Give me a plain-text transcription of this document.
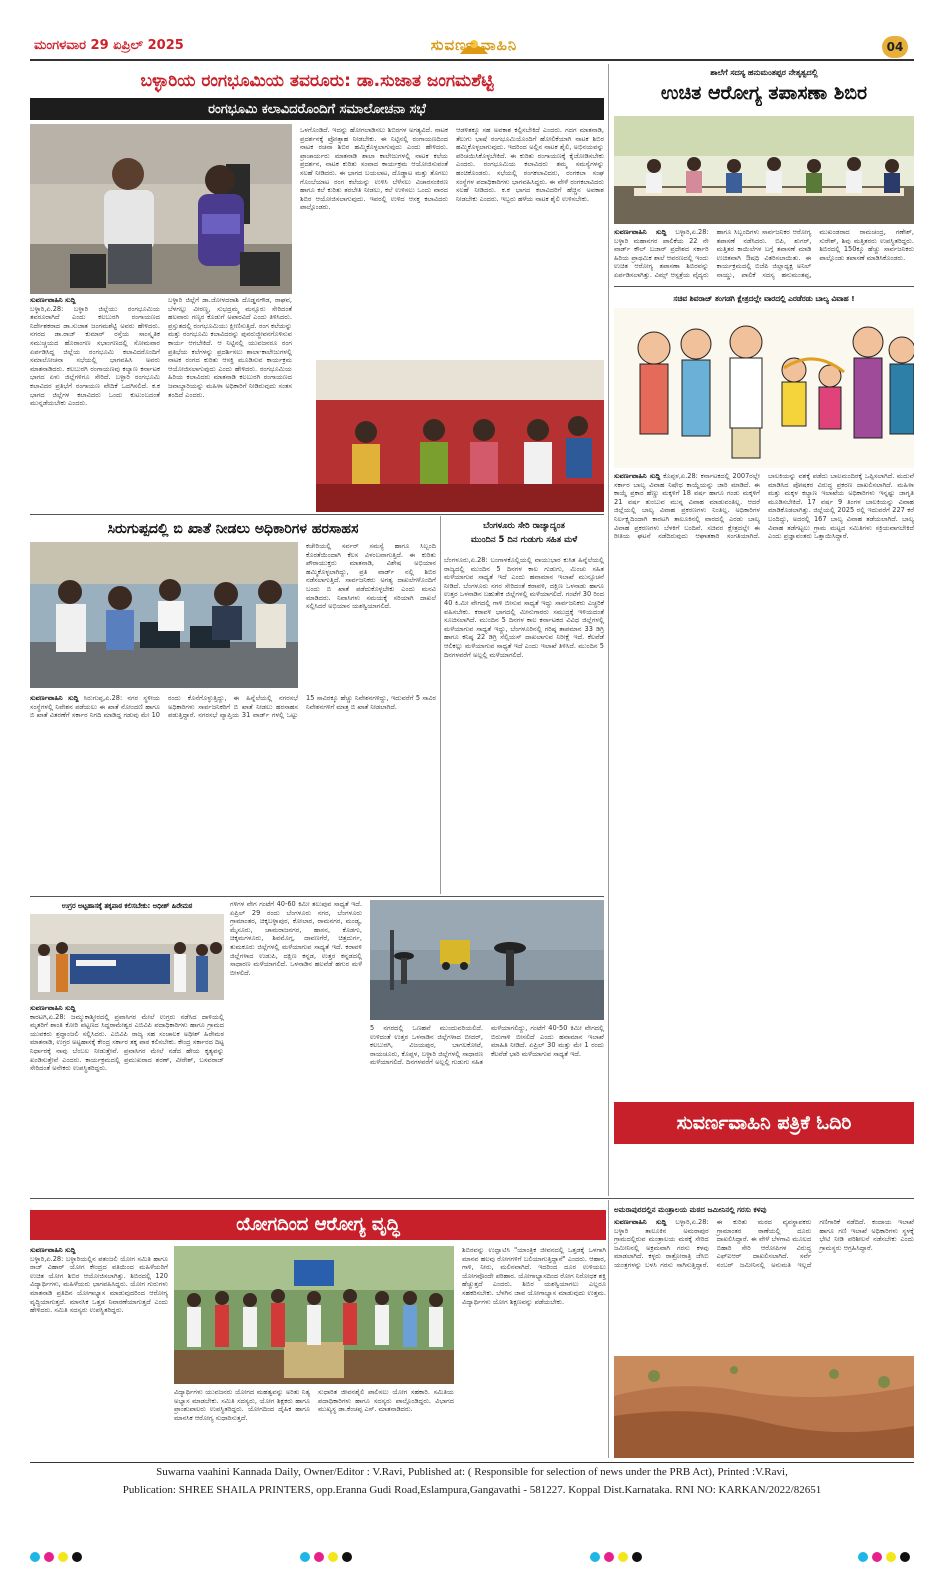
ಮಂಗಳವಾರ 29 ಏಪ್ರಿಲ್ 2025	ಸುವರ್ಣ ವಾಹಿನಿ	04
ಬಳ್ಳಾರಿಯ ರಂಗಭೂಮಿಯ ತವರೂರು: ಡಾ.ಸುಜಾತ ಜಂಗಮಶೆಟ್ಟಿ
ರಂಗಭೂಮಿ ಕಲಾವಿದರೊಂದಿಗೆ ಸಮಾಲೋಚನಾ ಸಭೆ
ಸುವರ್ಣವಾಹಿನಿ ಸುದ್ದಿ
ಬಳ್ಳಾರಿ,ಏ.28: ಬಳ್ಳಾರಿ ಜಿಲ್ಲೆಯು ರಂಗಭೂಮಿಯ ತವರೂರಾಗಿದೆ ಎಂದು ಕಲಬುರಗಿ ರಂಗಾಯಣದ ನಿರ್ದೇಶಕರಾದ ಡಾ.ಸುಜಾತ ಜಂಗಮಶೆಟ್ಟಿ ಅವರು ಹೇಳಿದರು. ನಗರದ ಡಾ.ರಾಜ್ ಕುಮಾರ್ ರಸ್ತೆಯ ಸಾಂಸ್ಕೃತಿಕ ಸಮುಚ್ಚಯದ ಹೊರಾಂಗಣ ಸಭಾಂಗಣದಲ್ಲಿ ಸೋಮವಾರ ಏರ್ಪಡಿಸಿದ್ದ ಜಿಲ್ಲೆಯ ರಂಗಭೂಮಿ ಕಲಾವಿದರೊಂದಿಗೆ ಸಮಾಲೋಚನಾ ಸಭೆಯಲ್ಲಿ ಭಾಗವಹಿಸಿ ಅವರು ಮಾತನಾಡಿದರು. ಕಲಬುರಗಿ ರಂಗಾಯಣವು ಕಲ್ಯಾಣ ಕರ್ನಾಟಕ ಭಾಗದ ಏಳು ಜಿಲ್ಲೆಗಳಿಗೂ ಸೇರಿದೆ. ಬಳ್ಳಾರಿ ರಂಗಭೂಮಿ ಕಲಾವಿದರ ಪ್ರತಿಭೆಗೆ ರಂಗಾಯಣ ವೇದಿಕೆ ಒದಗಿಸಲಿದೆ. ಕ.ಕ ಭಾಗದ ಜಿಲ್ಲೆಗಳ ಕಲಾವಿದರು ಒಂದು ಕುಟುಂಬದಂತೆ ಮುನ್ನಡೆಯಬೇಕು ಎಂದರು.
ಬಳ್ಳಾರಿ ಜಿಲ್ಲೆಗೆ ಡಾ.ಜೋಳದರಾಶಿ ದೊಡ್ಡನಗೌಡ, ರಾಘವ, ಬೆಳಗಲ್ಲು ವೀರಣ್ಣ, ಸುಭದ್ರಮ್ಮ ಮನ್ಸೂರು ಸೇರಿದಂತೆ ಹಲವಾರು ಗಣ್ಯರ ಕೊಡುಗೆ ಅಪಾರವಿದೆ ಎಂದು ತಿಳಿಸಿದರು. ಪ್ರಸ್ತುತದಲ್ಲಿ ರಂಗಭೂಮಿಯು ಕ್ಷೀಣಿಸುತ್ತಿದೆ. ರಂಗ ಕಲೆಯನ್ನು ಮತ್ತು ರಂಗಭೂಮಿ ಕಲಾವಿದರನ್ನು ಪುನರುಜ್ಜೀವನಗೊಳಿಸುವ ಕಾರ್ಯ ಆಗಬೇಕಿದೆ. ಆ ನಿಟ್ಟಿನಲ್ಲಿ ಯುವಜನರೂ ರಂಗ ಪ್ರತಿಭೆಯ ಕಲೆಗಳನ್ನು ಪ್ರದರ್ಶಿಸಲು ಶಾಲಾ-ಕಾಲೇಜುಗಳಲ್ಲಿ ನಾಟಕ ರಂಗದ ಕುರಿತು ಆಸಕ್ತಿ ಮೂಡಿಸುವ ಕಾರ್ಯಕ್ರಮ ಆಯೋಜಿಸಲಾಗುವುದು ಎಂದು ಹೇಳಿದರು. ರಂಗಭೂಮಿಯ ಹಿರಿಯ ಕಲಾವಿದರು ಮಾತನಾಡಿ ಕಲಬುರಗಿ ರಂಗಾಯಣದ ಜವಾಬ್ದಾರಿಯನ್ನು ಮಹಿಳಾ ಅಧಿಕಾರಿಗೆ ನೀಡಿರುವುದು ಸಂತಸ ತಂದಿದೆ ಎಂದರು.
ಒಳಗೊಂಡಿದೆ. ಇದನ್ನು ಹೋಗಲಾಡಿಸಲು ಶಿಬಿರಗಳ ಅಗತ್ಯವಿದೆ. ನಾಟಕ ಪ್ರದರ್ಶನಕ್ಕೆ ಪ್ರೋತ್ಸಾಹ ನೀಡಬೇಕು. ಈ ನಿಟ್ಟಿನಲ್ಲಿ ರಂಗಾಯಣದಿಂದ ನಾಟಕ ರಚನಾ ಶಿಬಿರ ಹಮ್ಮಿಕೊಳ್ಳಲಾಗುವುದು ಎಂದು ಹೇಳಿದರು. ಪ್ರಾಚಾರ್ಯರು ಮಾತನಾಡಿ ಶಾಲಾ ಕಾಲೇಜುಗಳಲ್ಲಿ ನಾಟಕ ಕಲೆಯ ಪ್ರದರ್ಶನ, ನಾಟಕ ಕುರಿತು ಸಂವಾದ ಕಾರ್ಯಕ್ರಮ ಆಯೋಜಿಸುವಂತೆ ಸಲಹೆ ನೀಡಿದರು. ಈ ಭಾಗದ ಬಯಲಾಟ, ದೊಡ್ಡಾಟ ಮತ್ತು ತೊಗಲು ಗೊಂಬೆಯಾಟ ರಂಗ ಕಲೆಯನ್ನು ಉಳಿಸಿ ಬೆಳೆಸಲು ವಿಚಾರಸಂಕಿರಣ ಹಾಗೂ ಕಲೆ ಕುರಿತು ತರಬೇತಿ ನೀಡಲು, ಕಲೆ ಉಳಿಸಲು ಒಂದು ವಾರದ ಶಿಬಿರ ಆಯೋಜಿಸಲಾಗುವುದು. ಇವರಲ್ಲಿ ಉಳಿದ ಆಸಕ್ತ ಕಲಾವಿದರು ಪಾಲ್ಗೊಂಡರು.
ಆಡಳಿತಕ್ಕೂ ಸಹ ಅವಕಾಶ ಕಲ್ಪಿಸಬೇಕಿದೆ ಎಂದರು. ಗದಗ ಮಾತನಾಡಿ, ತೆಲುಗು ಭಾಷೆ ರಂಗಭೂಮಿಯೊಂದಿಗೆ ಹೋಲಿಕೆಯಾಗಿ ನಾಟಕ ಶಿಬಿರ ಹಮ್ಮಿಕೊಳ್ಳಲಾಗುವುದು. ಇದರಿಂದ ಅಲ್ಲಿನ ನಾಟಕ ಶೈಲಿ, ಅಭಿನಯವನ್ನು ಪರಿಚಯಿಸಿಕೊಳ್ಳಬೇಕಿದೆ. ಈ ಕುರಿತು ರಂಗಾಯಣಕ್ಕೆ ಕೈಜೋಡಿಸಬೇಕು ಎಂದರು. ರಂಗಭೂಮಿಯ ಕಲಾವಿದರು ತಮ್ಮ ಸಮಸ್ಯೆಗಳನ್ನು ಹಂಚಿಕೊಂಡರು. ಸಭೆಯಲ್ಲಿ ರಂಗಕಲಾವಿದರು, ರಂಗಕಲಾ ಸಂಘ ಸಂಸ್ಥೆಗಳ ಪದಾಧಿಕಾರಿಗಳು ಭಾಗವಹಿಸಿದ್ದರು. ಈ ವೇಳೆ ರಂಗಕಲಾವಿದರು ಸಲಹೆ ನೀಡಿದರು. ಕ.ಕ ಭಾಗದ ಕಲಾವಿದರಿಗೆ ಹೆಚ್ಚಿನ ಅವಕಾಶ ನೀಡಬೇಕು ಎಂದರು. ಇಬ್ಬರು ಹಳೆಯ ನಾಟಕ ಶೈಲಿ ಉಳಿಸಬೇಕು.
ಶಾಲೆಗೆ ಸದಸ್ಯ ಹನುಮಂತಪ್ಪರ ನೇತೃತ್ವದಲ್ಲಿ
ಉಚಿತ ಆರೋಗ್ಯ ತಪಾಸಣಾ ಶಿಬಿರ
ಸುವರ್ಣವಾಹಿನಿ ಸುದ್ದಿ ಬಳ್ಳಾರಿ,ಏ.28: ಬಳ್ಳಾರಿ ಮಹಾನಗರ ಪಾಲಿಕೆಯ 22 ನೇ ವಾರ್ಡ್ ಕೌಲ್ ಬಜಾರ್ ಪ್ರದೇಶದ ಸರ್ಕಾರಿ ಹಿರಿಯ ಪ್ರಾಥಮಿಕ ಶಾಲೆ ಆವರಣದಲ್ಲಿ ಇಂದು ಉಚಿತ ಆರೋಗ್ಯ ತಪಾಸಣಾ ಶಿಬಿರವನ್ನು ಏರ್ಪಡಿಸಲಾಗಿತ್ತು. ವಿಮ್ಸ್ ಆಸ್ಪತ್ರೆಯ ವೈದ್ಯರು ಹಾಗೂ ಸಿಬ್ಬಂದಿಗಳು ಸಾರ್ವಜನಿಕರ ಆರೋಗ್ಯ ತಪಾಸಣೆ ನಡೆಸಿದರು. ಬಿಪಿ, ಶುಗರ್, ಮತ್ತಿತರ ಕಾಯಿಲೆಗಳ ಬಗ್ಗೆ ತಪಾಸಣೆ ಮಾಡಿ ಉಚಿತವಾಗಿ ಔಷಧಿ ವಿತರಿಸಲಾಯಿತು. ಈ ಕಾರ್ಯಕ್ರಮದಲ್ಲಿ ಬಿಜೆಪಿ ಜಿಲ್ಲಾಧ್ಯಕ್ಷ ಅನಿಲ್ ನಾಯ್ಡು, ಪಾಲಿಕೆ ಸದಸ್ಯ ಹನುಮಂತಪ್ಪ, ಮುಖಂಡರಾದ ರಾಮಚಂದ್ರ, ಗಣೇಶ್, ಸುರೇಶ್, ಶಿವು ಮತ್ತಿತರರು ಉಪಸ್ಥಿತರಿದ್ದರು. ಶಿಬಿರದಲ್ಲಿ 150ಕ್ಕೂ ಹೆಚ್ಚು ಸಾರ್ವಜನಿಕರು ಪಾಲ್ಗೊಂಡು ತಪಾಸಣೆ ಮಾಡಿಸಿಕೊಂಡರು.
ಸಚಿವ ಶಿವರಾಜ್ ತಂಗಡಗಿ ಕ್ಷೇತ್ರದಲ್ಲೇ ವಾರದಲ್ಲಿ ಎರಡೆರಡು ಬಾಲ್ಯ ವಿವಾಹ !
ಸುವರ್ಣವಾಹಿನಿ ಸುದ್ದಿ ಕೊಪ್ಪಳ,ಏ.28: ಕರ್ನಾಟಕದಲ್ಲಿ 2007ರಲ್ಲೇ ಸರ್ಕಾರ ಬಾಲ್ಯ ವಿವಾಹ ನಿಷೇಧ ಕಾಯ್ದೆಯನ್ನು ಜಾರಿ ಮಾಡಿದೆ. ಈ ಕಾಯ್ದೆ ಪ್ರಕಾರ ಹೆಣ್ಣು ಮಕ್ಕಳಿಗೆ 18 ವರ್ಷ ಹಾಗೂ ಗಂಡು ಮಕ್ಕಳಿಗೆ 21 ವರ್ಷ ತುಂಬುವ ಮುನ್ನ ವಿವಾಹ ಮಾಡುವಂತಿಲ್ಲ. ಆದರೆ ಜಿಲ್ಲೆಯಲ್ಲಿ ಬಾಲ್ಯ ವಿವಾಹ ಪ್ರಕರಣಗಳು ನಿಂತಿಲ್ಲ. ಅಧಿಕಾರಿಗಳ ನಿರ್ಲಕ್ಷ್ಯದಿಂದಾಗಿ ಕಾರಟಗಿ ತಾಲೂಕಿನಲ್ಲಿ ವಾರದಲ್ಲಿ ಎರಡು ಬಾಲ್ಯ ವಿವಾಹ ಪ್ರಕರಣಗಳು ಬೆಳಕಿಗೆ ಬಂದಿವೆ. ಸಚಿವರ ಕ್ಷೇತ್ರದಲ್ಲೇ ಈ ರೀತಿಯ ಘಟನೆ ನಡೆದಿರುವುದು ಆಘಾತಕಾರಿ ಸಂಗತಿಯಾಗಿದೆ. ಬಾಲಕಿಯನ್ನು ವಶಕ್ಕೆ ಪಡೆದು ಬಾಲಮಂದಿರಕ್ಕೆ ಒಪ್ಪಿಸಲಾಗಿದೆ. ಮದುವೆ ಮಾಡಿಸಿದ ಪೋಷಕರ ವಿರುದ್ಧ ಪ್ರಕರಣ ದಾಖಲಿಸಲಾಗಿದೆ. ಮಹಿಳಾ ಮತ್ತು ಮಕ್ಕಳ ಕಲ್ಯಾಣ ಇಲಾಖೆಯ ಅಧಿಕಾರಿಗಳು ಇನ್ನಷ್ಟು ಜಾಗೃತಿ ಮೂಡಿಸಬೇಕಿದೆ. 17 ವರ್ಷ 9 ತಿಂಗಳ ಬಾಲಕಿಯನ್ನು ವಿವಾಹ ಮಾಡಿಕೊಡಲಾಗಿತ್ತು. ಜಿಲ್ಲೆಯಲ್ಲಿ 2025 ರಲ್ಲಿ ಇದುವರೆಗೆ 227 ಕರೆ ಬಂದಿದ್ದು, ಅದರಲ್ಲಿ 167 ಬಾಲ್ಯ ವಿವಾಹ ತಡೆಯಲಾಗಿದೆ. ಬಾಲ್ಯ ವಿವಾಹ ತಡೆಗಟ್ಟಲು ಗ್ರಾಮ ಮಟ್ಟದ ಸಮಿತಿಗಳು ಸಕ್ರಿಯವಾಗಬೇಕಿದೆ ಎಂದು ಪ್ರಜ್ಞಾವಂತರು ಒತ್ತಾಯಿಸಿದ್ದಾರೆ.
ಸುವರ್ಣವಾಹಿನಿ ಪತ್ರಿಕೆ ಓದಿರಿ
ಸಿರುಗುಪ್ಪದಲ್ಲಿ ಬಿ ಖಾತೆ ನೀಡಲು ಅಧಿಕಾರಿಗಳ ಹರಸಾಹಸ
ಕಚೇರಿಯಲ್ಲಿ ಸರ್ವರ್ ಸಮಸ್ಯೆ ಹಾಗೂ ಸಿಬ್ಬಂದಿ ಕೊರತೆಯಿಂದಾಗಿ ಕೆಲಸ ವಿಳಂಬವಾಗುತ್ತಿದೆ. ಈ ಕುರಿತು ಪೌರಾಯುಕ್ತರು ಮಾತನಾಡಿ, ವಿಶೇಷ ಅಭಿಯಾನ ಹಮ್ಮಿಕೊಳ್ಳಲಾಗಿದ್ದು, ಪ್ರತಿ ವಾರ್ಡ್ ನಲ್ಲಿ ಶಿಬಿರ ನಡೆಸಲಾಗುತ್ತಿದೆ. ಸಾರ್ವಜನಿಕರು ಅಗತ್ಯ ದಾಖಲೆಗಳೊಂದಿಗೆ ಬಂದು ಬಿ ಖಾತೆ ಪಡೆದುಕೊಳ್ಳಬೇಕು ಎಂದು ಮನವಿ ಮಾಡಿದರು. ನಿವಾಸಿಗಳು ಸಮಯಕ್ಕೆ ಸರಿಯಾಗಿ ದಾಖಲೆ ಸಲ್ಲಿಸಿದರೆ ಅಭಿಯಾನ ಯಶಸ್ವಿಯಾಗಲಿದೆ.
ಸುವರ್ಣವಾಹಿನಿ ಸುದ್ದಿ ಸಿರುಗುಪ್ಪ,ಏ.28: ನಗರ ಸ್ಥಳೀಯ ಸಂಸ್ಥೆಗಳಲ್ಲಿ ನಿವೇಶನ ಪಡೆಯಲು ಈ ಖಾತೆ ನೋಂದಣಿ ಹಾಗೂ ಬಿ ಖಾತೆ ವಿತರಣೆಗೆ ಸರ್ಕಾರ ನಿಗದಿ ಮಾಡಿದ್ದ ಗಡುವು ಮೇ 10 ರಂದು ಕೊನೆಗೊಳ್ಳುತ್ತಿದ್ದು, ಈ ಹಿನ್ನೆಲೆಯಲ್ಲಿ ನಗರಸಭೆ ಅಧಿಕಾರಿಗಳು ಸಾರ್ವಜನಿಕರಿಗೆ ಬಿ ಖಾತೆ ನೀಡಲು ಹರಸಾಹಸ ಪಡುತ್ತಿದ್ದಾರೆ. ನಗರಸಭೆ ವ್ಯಾಪ್ತಿಯ 31 ವಾರ್ಡ್ ಗಳಲ್ಲಿ ಒಟ್ಟು 15 ಸಾವಿರಕ್ಕೂ ಹೆಚ್ಚು ನಿವೇಶನಗಳಿದ್ದು, ಇದುವರೆಗೆ 5 ಸಾವಿರ ನಿವೇಶನಗಳಿಗೆ ಮಾತ್ರ ಬಿ ಖಾತೆ ನೀಡಲಾಗಿದೆ.
ಬೆಂಗಳೂರು ಸೇರಿ ರಾಜ್ಯಾದ್ಯಂತ
ಮುಂದಿನ 5 ದಿನ ಗುಡುಗು ಸಹಿತ ಮಳೆ
ಬೆಂಗಳೂರು,ಏ.28: ಬಂಗಾಳಕೊಲ್ಲಿಯಲ್ಲಿ ವಾಯುಭಾರ ಕುಸಿತ ಹಿನ್ನೆಲೆಯಲ್ಲಿ ರಾಜ್ಯದಲ್ಲಿ ಮುಂದಿನ 5 ದಿನಗಳ ಕಾಲ ಗುಡುಗು, ಮಿಂಚು ಸಹಿತ ಮಳೆಯಾಗುವ ಸಾಧ್ಯತೆ ಇದೆ ಎಂದು ಹವಾಮಾನ ಇಲಾಖೆ ಮುನ್ಸೂಚನೆ ನೀಡಿದೆ. ಬೆಂಗಳೂರು ನಗರ ಸೇರಿದಂತೆ ಕರಾವಳಿ, ದಕ್ಷಿಣ ಒಳನಾಡು ಹಾಗೂ ಉತ್ತರ ಒಳನಾಡಿನ ಬಹುತೇಕ ಜಿಲ್ಲೆಗಳಲ್ಲಿ ಮಳೆಯಾಗಲಿದೆ. ಗಂಟೆಗೆ 30 ರಿಂದ 40 ಕಿ.ಮೀ ವೇಗದಲ್ಲಿ ಗಾಳಿ ಬೀಸುವ ಸಾಧ್ಯತೆ ಇದ್ದು ಸಾರ್ವಜನಿಕರು ಎಚ್ಚರಿಕೆ ವಹಿಸಬೇಕು. ಕರಾವಳಿ ಭಾಗದಲ್ಲಿ ಮೀನುಗಾರರು ಸಮುದ್ರಕ್ಕೆ ಇಳಿಯದಂತೆ ಸೂಚಿಸಲಾಗಿದೆ. ಮುಂದಿನ 5 ದಿನಗಳ ಕಾಲ ಕರ್ನಾಟಕದ ವಿವಿಧ ಜಿಲ್ಲೆಗಳಲ್ಲಿ ಮಳೆಯಾಗುವ ಸಾಧ್ಯತೆ ಇದ್ದು, ಬೆಂಗಳೂರಿನಲ್ಲಿ ಗರಿಷ್ಠ ತಾಪಮಾನ 33 ಡಿಗ್ರಿ ಹಾಗೂ ಕನಿಷ್ಠ 22 ಡಿಗ್ರಿ ಸೆಲ್ಸಿಯಸ್ ದಾಖಲಾಗುವ ನಿರೀಕ್ಷೆ ಇದೆ. ಕೆಲವೆಡೆ ಆಲಿಕಲ್ಲು ಮಳೆಯಾಗುವ ಸಾಧ್ಯತೆ ಇದೆ ಎಂದು ಇಲಾಖೆ ತಿಳಿಸಿದೆ. ಮುಂದಿನ 5 ದಿನಗಳವರೆಗೆ ಅಲ್ಲಲ್ಲಿ ಮಳೆಯಾಗಲಿದೆ.
ಉಗ್ರರ ಅಟ್ಟಹಾಸಕ್ಕೆ ತಕ್ಕಪಾಠ ಕಲಿಸಬೇಕು: ಅಧೀಶ್ ಹಿರೇಮಠ
ಸುವರ್ಣವಾಹಿನಿ ಸುದ್ದಿ
ಕಾರಟಗಿ,ಏ.28: ಜಮ್ಮುಕಾಶ್ಮೀರದಲ್ಲಿ ಪ್ರವಾಸಿಗರ ಮೇಲೆ ಉಗ್ರರು ನಡೆಸಿದ ದಾಳಿಯಲ್ಲಿ ಮೃತರಿಗೆ ಶಾಂತಿ ಕೋರಿ ಪಟ್ಟಣದ ಸಿದ್ದರಾಮೇಶ್ವರ ಎಬಿವಿಪಿ ಪದಾಧಿಕಾರಿಗಳು ಹಾಗೂ ಗ್ರಾಮದ ಯುವಕರು ಶ್ರದ್ಧಾಂಜಲಿ ಸಲ್ಲಿಸಿದರು. ಎಬಿವಿಪಿ ರಾಜ್ಯ ಸಹ ಸಂಚಾಲಕ ಅಧೀಶ್ ಹಿರೇಮಠ ಮಾತನಾಡಿ, ಉಗ್ರರ ಅಟ್ಟಹಾಸಕ್ಕೆ ಕೇಂದ್ರ ಸರ್ಕಾರ ತಕ್ಕ ಪಾಠ ಕಲಿಸಬೇಕು. ಕೇಂದ್ರ ಸರ್ಕಾರದ ದಿಟ್ಟ ನಿರ್ಧಾರಕ್ಕೆ ನಾವು ಬೆಂಬಲ ನೀಡುತ್ತೇವೆ. ಪ್ರವಾಸಿಗರ ಮೇಲೆ ನಡೆದ ಹೇಯ ಕೃತ್ಯವನ್ನು ಖಂಡಿಸುತ್ತೇವೆ ಎಂದರು. ಕಾರ್ಯಕ್ರಮದಲ್ಲಿ ಪ್ರಮುಖರಾದ ಶರಣ್, ವೀರೇಶ್, ಬಸವರಾಜ್ ಸೇರಿದಂತೆ ಅನೇಕರು ಉಪಸ್ಥಿತರಿದ್ದರು.
ಗಳಿಗಳ ವೇಗ ಗಂಟೆಗೆ 40-60 ಕಿಮೀ ತಲುಪುವ ಸಾಧ್ಯತೆ ಇದೆ. ಏಪ್ರಿಲ್ 29 ರಂದು ಬೆಂಗಳೂರು ನಗರ, ಬೆಂಗಳೂರು ಗ್ರಾಮಾಂತರ, ಚಿಕ್ಕಬಳ್ಳಾಪುರ, ಕೋಲಾರ, ರಾಮನಗರ, ಮಂಡ್ಯ, ಮೈಸೂರು, ಚಾಮರಾಜನಗರ, ಹಾಸನ, ಕೊಡಗು, ಚಿಕ್ಕಮಗಳೂರು, ಶಿವಮೊಗ್ಗ, ದಾವಣಗೆರೆ, ಚಿತ್ರದುರ್ಗ, ತುಮಕೂರು ಜಿಲ್ಲೆಗಳಲ್ಲಿ ಮಳೆಯಾಗುವ ಸಾಧ್ಯತೆ ಇದೆ. ಕರಾವಳಿ ಜಿಲ್ಲೆಗಳಾದ ಉಡುಪಿ, ದಕ್ಷಿಣ ಕನ್ನಡ, ಉತ್ತರ ಕನ್ನಡದಲ್ಲಿ ಸಾಧಾರಣ ಮಳೆಯಾಗಲಿದೆ. ಒಳನಾಡಿನ ಹಲವೆಡೆ ಹಗುರ ಮಳೆ ಬೀಳಲಿದೆ.
5 ನಗರದಲ್ಲಿ ಒಣಹವೆ ಮುಂದುವರಿಯಲಿದೆ. ಉಳಿದಂತೆ ಉತ್ತರ ಒಳನಾಡಿನ ಜಿಲ್ಲೆಗಳಾದ ಬೀದರ್, ಕಲಬುರಗಿ, ವಿಜಯಪುರ, ಬಾಗಲಕೋಟೆ, ರಾಯಚೂರು, ಕೊಪ್ಪಳ, ಬಳ್ಳಾರಿ ಜಿಲ್ಲೆಗಳಲ್ಲಿ ಸಾಧಾರಣ ಮಳೆಯಾಗಲಿದೆ. ದಿನಗಳವರೆಗೆ ಅಲ್ಲಲ್ಲಿ ಗುಡುಗು ಸಹಿತ ಮಳೆಯಾಗಲಿದ್ದು, ಗಂಟೆಗೆ 40-50 ಕಿಮೀ ವೇಗದಲ್ಲಿ ಬಿರುಗಾಳಿ ಬೀಸಲಿದೆ ಎಂದು ಹವಾಮಾನ ಇಲಾಖೆ ಮಾಹಿತಿ ನೀಡಿದೆ. ಏಪ್ರಿಲ್ 30 ಮತ್ತು ಮೇ 1 ರಂದು ಕೆಲವೆಡೆ ಭಾರಿ ಮಳೆಯಾಗುವ ಸಾಧ್ಯತೆ ಇದೆ.
ಯೋಗದಿಂದ ಆರೋಗ್ಯ ವೃದ್ಧಿ
ಸುವರ್ಣವಾಹಿನಿ ಸುದ್ದಿ
ಬಳ್ಳಾರಿ,ಏ.28: ಬಳ್ಳಾರಿಯಲ್ಲಿನ ಪತಂಜಲಿ ಯೋಗ ಸಮಿತಿ ಹಾಗೂ ರಾಜ್ ವಿಹಾರ್ ಯೋಗ ಕೇಂದ್ರದ ವತಿಯಿಂದ ಮಹಿಳೆಯರಿಗೆ ಉಚಿತ ಯೋಗ ಶಿಬಿರ ಆಯೋಜಿಸಲಾಗಿತ್ತು. ಶಿಬಿರದಲ್ಲಿ 120 ವಿದ್ಯಾರ್ಥಿಗಳು, ಮಹಿಳೆಯರು ಭಾಗವಹಿಸಿದ್ದರು. ಯೋಗ ಗುರುಗಳು ಮಾತನಾಡಿ ಪ್ರತಿದಿನ ಯೋಗಾಭ್ಯಾಸ ಮಾಡುವುದರಿಂದ ಆರೋಗ್ಯ ವೃದ್ಧಿಯಾಗುತ್ತದೆ. ಮಾನಸಿಕ ಒತ್ತಡ ನಿವಾರಣೆಯಾಗುತ್ತದೆ ಎಂದು ಹೇಳಿದರು. ಸಮಿತಿ ಸದಸ್ಯರು ಉಪಸ್ಥಿತರಿದ್ದರು.
ವಿದ್ಯಾರ್ಥಿಗಳು ಯುವಜನರು ಯೋಗದ ಮಹತ್ವವನ್ನು ಅರಿತು ನಿತ್ಯ ಅಭ್ಯಾಸ ಮಾಡಬೇಕು. ಸಮಿತಿ ಸದಸ್ಯರು, ಯೋಗ ಶಿಕ್ಷಕರು ಹಾಗೂ ಪ್ರಾಂಶುಪಾಲರು ಉಪಸ್ಥಿತರಿದ್ದರು. ಯೋಗದಿಂದ ದೈಹಿಕ ಹಾಗೂ ಮಾನಸಿಕ ಆರೋಗ್ಯ ಸುಧಾರಿಸುತ್ತದೆ.
ಸುಧಾರಿತ ಜೀವನಶೈಲಿ ಪಾಲಿಸಲು ಯೋಗ ಸಹಕಾರಿ. ಸಮಿತಿಯ ಪದಾಧಿಕಾರಿಗಳು ಹಾಗೂ ಸದಸ್ಯರು ಪಾಲ್ಗೊಂಡಿದ್ದರು. ವಿಭಾಗದ ಮುಖ್ಯಸ್ಥ ಡಾ.ಕೆಂಚಪ್ಪ ಎಸ್. ಮಾತನಾಡಿದರು.
ಶಿಬಿರವನ್ನು ಉದ್ಘಾಟಿಸಿ "ಯಾಂತ್ರಿಕ ಜೀವನದಲ್ಲಿ ಒತ್ತಡಕ್ಕೆ ಒಳಗಾಗಿ ಮಾನವ ಹಲವು ರೋಗಗಳಿಗೆ ಬಲಿಯಾಗುತ್ತಿದ್ದಾನೆ" ಎಂದರು. ಆಹಾರ, ಗಾಳಿ, ನೀರು, ಮಲಿನವಾಗಿದೆ. ಇದರಿಂದ ದೂರ ಉಳಿಯಲು ಯೋಗವೊಂದೇ ಪರಿಹಾರ. ಯೋಗಾಭ್ಯಾಸದಿಂದ ರೋಗ ನಿರೋಧಕ ಶಕ್ತಿ ಹೆಚ್ಚುತ್ತದೆ ಎಂದರು. ಶಿಬಿರ ಯಶಸ್ವಿಯಾಗಲು ಎಲ್ಲರೂ ಸಹಕರಿಸಬೇಕು. ಬೆಳಗಿನ ಜಾವ ಯೋಗಾಭ್ಯಾಸ ಮಾಡುವುದು ಉತ್ತಮ. ವಿದ್ಯಾರ್ಥಿಗಳು ಯೋಗ ಶಿಕ್ಷಣವನ್ನು ಪಡೆಯಬೇಕು.
ಅಮರಾಪುರದಲ್ಲಿನ ಮಂತ್ರಾಲಯ ಮಠದ ಜಮೀನಿನಲ್ಲಿ ಗರಸು ಕಳವು
ಸುವರ್ಣವಾಹಿನಿ ಸುದ್ದಿ ಬಳ್ಳಾರಿ,ಏ.28: ಬಳ್ಳಾರಿ ತಾಲೂಕಿನ ಅಮರಾಪುರ ಗ್ರಾಮದಲ್ಲಿರುವ ಮಂತ್ರಾಲಯ ಮಠಕ್ಕೆ ಸೇರಿದ ಜಮೀನಿನಲ್ಲಿ ಅಕ್ರಮವಾಗಿ ಗರಸು ಕಳವು ಮಾಡಲಾಗಿದೆ. ಕಳ್ಳರು ರಾತ್ರೋರಾತ್ರಿ ಜೆಸಿಬಿ ಯಂತ್ರಗಳನ್ನು ಬಳಸಿ ಗರಸು ಸಾಗಿಸುತ್ತಿದ್ದಾರೆ. ಈ ಕುರಿತು ಮಠದ ವ್ಯವಸ್ಥಾಪಕರು ಗ್ರಾಮಾಂತರ ಠಾಣೆಯಲ್ಲಿ ದೂರು ದಾಖಲಿಸಿದ್ದಾರೆ. ಈ ವೇಳೆ ಬೆಳಗಾವಿ ಮೂಲದ ಬಿಹಾರಿ ಸೇರಿ ಆರೋಪಿಗಳ ವಿರುದ್ಧ ಎಫ್ಐಆರ್ ದಾಖಲಿಸಲಾಗಿದೆ. ಸರ್ವೆ ನಂಬರ್ ಜಮೀನಿನಲ್ಲಿ ಅನುಮತಿ ಇಲ್ಲದೆ ಗಣಿಗಾರಿಕೆ ನಡೆದಿದೆ. ಕಂದಾಯ ಇಲಾಖೆ ಹಾಗೂ ಗಣಿ ಇಲಾಖೆ ಅಧಿಕಾರಿಗಳು ಸ್ಥಳಕ್ಕೆ ಭೇಟಿ ನೀಡಿ ಪರಿಶೀಲನೆ ನಡೆಸಬೇಕು ಎಂದು ಗ್ರಾಮಸ್ಥರು ಆಗ್ರಹಿಸಿದ್ದಾರೆ.
Suwarna vaahini Kannada Daily, Owner/Editor : V.Ravi, Published at: ( Responsible for selection of news under the PRB Act), Printed :V.Ravi,
Publication: SHREE SHAILA PRINTERS, opp.Eranna Gudi Road,Eslampura,Gangavathi - 581227. Koppal Dist.Karnataka. RNI NO: KARKAN/2022/82651
